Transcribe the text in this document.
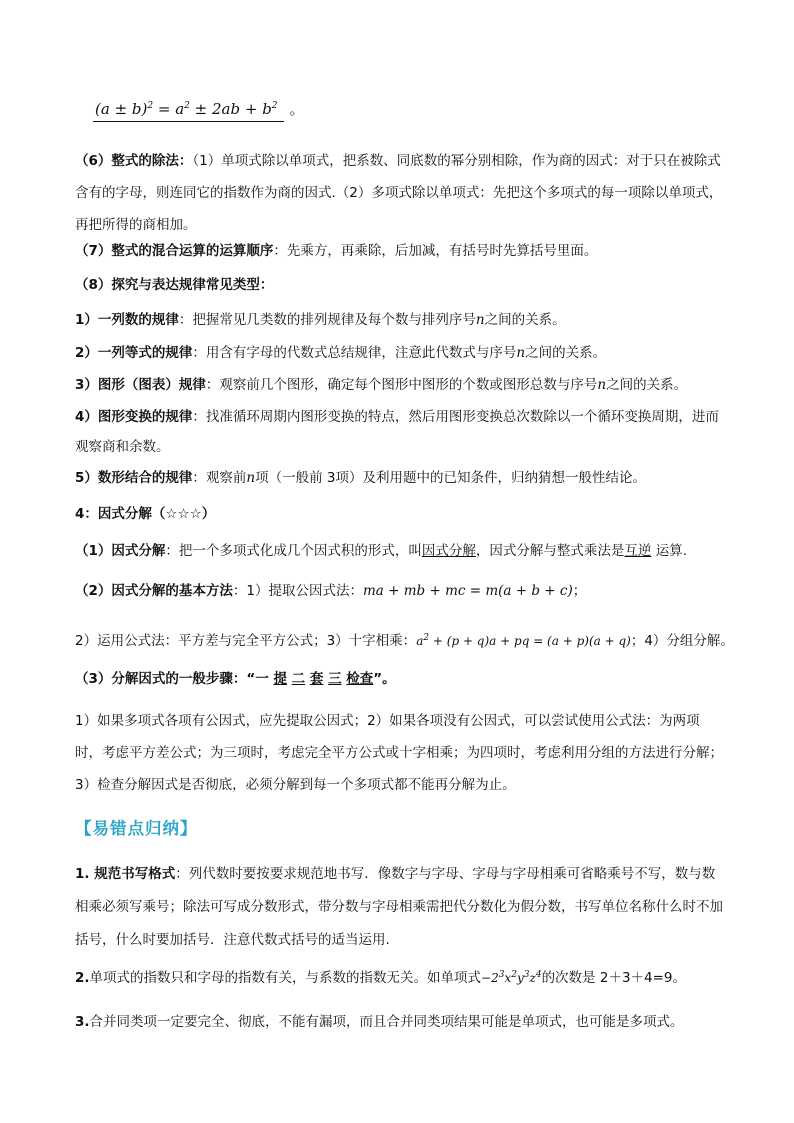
$(a \pm b)^2 = a^2 \pm 2ab + b^2$ 。
（6）整式的除法：（1）单项式除以单项式，把系数、同底数的幂分别相除，作为商的因式：对于只在被除式含有的字母，则连同它的指数作为商的因式.（2）多项式除以单项式：先把这个多项式的每一项除以单项式，再把所得的商相加。
（7）整式的混合运算的运算顺序：先乘方，再乘除，后加减，有括号时先算括号里面。
（8）探究与表达规律常见类型：
1）一列数的规律：把握常见几类数的排列规律及每个数与排列序号n之间的关系。
2）一列等式的规律：用含有字母的代数式总结规律，注意此代数式与序号n之间的关系。
3）图形（图表）规律：观察前几个图形，确定每个图形中图形的个数或图形总数与序号n之间的关系。
4）图形变换的规律：找准循环周期内图形变换的特点，然后用图形变换总次数除以一个循环变换周期，进而观察商和余数。
5）数形结合的规律：观察前n项（一般前 3项）及利用题中的已知条件，归纳猜想一般性结论。
4：因式分解（☆☆☆）
（1）因式分解：把一个多项式化成几个因式积的形式，叫因式分解，因式分解与整式乘法是互逆 运算.
（2）因式分解的基本方法：1）提取公因式法：ma + mb + mc = m(a + b + c)；
2）运用公式法：平方差与完全平方公式；3）十字相乘：$a^2 + (p + q)a$ + pq = (a + p)(a + q)；4）分组分解。
（3）分解因式的一般步骤：“一 提 二 套 三 检查”。
1）如果多项式各项有公因式，应先提取公因式；2）如果各项没有公因式，可以尝试使用公式法：为两项时，考虑平方差公式；为三项时，考虑完全平方公式或十字相乘；为四项时，考虑利用分组的方法进行分解；3）检查分解因式是否彻底，必须分解到每一个多项式都不能再分解为止。
【易错点归纳】
1. 规范书写格式：列代数时要按要求规范地书写．像数字与字母、字母与字母相乘可省略乘号不写，数与数相乘必须写乘号；除法可写成分数形式，带分数与字母相乘需把代分数化为假分数，书写单位名称什么时不加括号，什么时要加括号．注意代数式括号的适当运用.
2.单项式的指数只和字母的指数有关，与系数的指数无关。如单项式$-2^3x^2y^3z^4$的次数是 2＋3＋4=9。
3.合并同类项一定要完全、彻底，不能有漏项，而且合并同类项结果可能是单项式，也可能是多项式。
